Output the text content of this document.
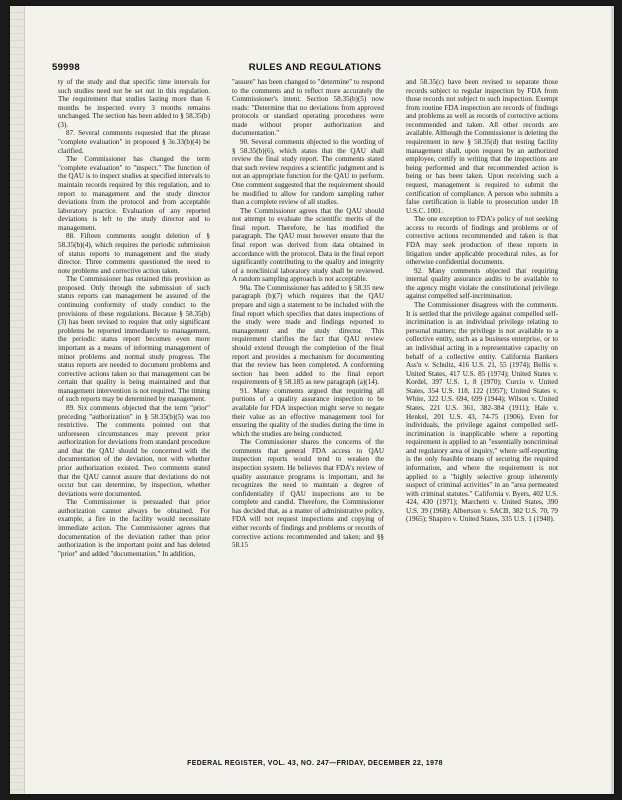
59998	RULES AND REGULATIONS

ty of the study and that specific time intervals for such studies need not be set out in this regulation. The requirement that studies lasting more than 6 months be inspected every 3 months remains unchanged. The section has been added to § 58.35(b)(3).

87. Several comments requested that the phrase "complete evaluation" in proposed § 3e.33(b)(4) be clarified.

The Commissioner has changed the term "complete evaluation" to "inspect." The function of the QAU is to inspect studies at specified intervals to maintain records required by this regulation, and to report to management and the study director deviations from the protocol and from acceptable laboratory practice. Evaluation of any reported deviations is left to the study director and to management.

88. Fifteen comments sought deletion of § 58.35(b)(4), which requires the periodic submission of status reports to management and the study director. Three comments questioned the need to note problems and corrective action taken.

The Commissioner has retained this provision as proposed. Only through the submission of such status reports can management be assured of the continuing conformity of study conduct to the provisions of these regulations. Because § 58.35(b)(3) has been revised to require that only significant problems be reported immediately to management, the periodic status report becomes even more important as a means of informing management of minor problems and normal study progress. The status reports are needed to document problems and corrective actions taken so that management can be certain that quality is being maintained and that management intervention is not required. The timing of such reports may be determined by management.

89. Six comments objected that the term "prior" preceding "authorization" in § 58.35(b)(5) was too restrictive. The comments pointed out that unforeseen circumstances may prevent prior authorization for deviations from standard procedure and that the QAU should be concerned with the documentation of the deviation, not with whether prior authorization existed. Two comments stated that the QAU cannot assure that deviations do not occur but can determine, by inspection, whether deviations were documented.

The Commissioner is persuaded that prior authorization cannot always be obtained. For example, a fire in the facility would necessitate immediate action. The Commissioner agrees that documentation of the deviation rather than prior authorization is the important point and has deleted "prior" and added "documentation." In addition,

"assure" has been changed to "determine" to respond to the comments and to reflect more accurately the Commissioner's intent. Section 58.35(b)(5) now reads: "Determine that no deviations from approved protocols or standard operating procedures were made without proper authorization and documentation."

90. Several comments objected to the wording of § 58.35(b)(6), which states that the QAU shall review the final study report. The comments stated that such review requires a scientific judgment and is not an appropriate function for the QAU to perform. One comment suggested that the requirement should be modified to allow for random sampling rather than a complete review of all studies.

The Commissioner agrees that the QAU should not attempt to evaluate the scientific merits of the final report. Therefore, he has modified the paragraph. The QAU must however ensure that the final report was derived from data obtained in accordance with the protocol. Data in the final report significantly contributing to the quality and integrity of a nonclinical laboratory study shall be reviewed. A random sampling approach is not acceptable.

90a. The Commissioner has added to § 58.35 new paragraph (b)(7) which requires that the QAU prepare and sign a statement to be included with the final report which specifies that dates inspections of the study were made and findings reported to management and the study director. This requirement clarifies the fact that QAU review should extend through the completion of the final report and provides a mechanism for documenting that the review has been completed. A conforming section has been added to the final report requirements of § 58.185 as new paragraph (a)(14).

91. Many comments argued that requiring all portions of a quality assurance inspection to be available for FDA inspection might serve to negate their value as an effective management tool for ensuring the quality of the studies during the time in which the studies are being conducted.

The Commissioner shares the concerns of the comments that general FDA access to QAU inspection reports would tend to weaken the inspection system. He believes that FDA's review of quality assurance programs is important, and he recognizes the need to maintain a degree of confidentiality if QAU inspections are to be complete and candid. Therefore, the Commissioner has decided that, as a matter of administrative policy, FDA will not request inspections and copying of either records of findings and problems or records of corrective actions recommended and taken; and §§ 58.15

and 58.35(c) have been revised to separate those records subject to regular inspection by FDA from those records not subject to such inspection. Exempt from routine FDA inspection are records of findings and problems as well as records of corrective actions recommended and taken. All other records are available. Although the Commissioner is deleting the requirement in new § 58.35(d) that testing facility management shall, upon request by an authorized employee, certify in writing that the inspections are being performed and that recommended action is being or has been taken. Upon receiving such a request, management is required to submit the certification of compliance. A person who submits a false certification is liable to prosecution under 18 U.S.C. 1001.

The one exception to FDA's policy of not seeking access to records of findings and problems or of corrective actions recommended and taken is that FDA may seek production of these reports in litigation under applicable procedural rules, as for otherwise confidential documents.

92. Many comments objected that requiring internal quality assurance audits to be available to the agency might violate the constitutional privilege against compelled self-incrimination.

The Commissioner disagrees with the comments. It is settled that the privilege against compelled self-incrimination is an individual privilege relating to personal matters; the privilege is not available to a collective entity, such as a business enterprise, or to an individual acting in a representative capacity on behalf of a collective entity. California Bankers Ass'n v. Schultz, 416 U.S. 21, 55 (1974); Bellis v. United States, 417 U.S. 85 (1974); United States v. Kordel, 397 U.S. 1, 8 (1970); Curcio v. United States, 354 U.S. 118, 122 (1957); United States v. White, 322 U.S. 694, 699 (1944); Wilson v. United States, 221 U.S. 361, 382-384 (1911); Hale v. Henkel, 201 U.S. 43, 74-75 (1906). Even for individuals, the privilege against compelled self-incrimination is inapplicable where a reporting requirement is applied to an "essentially noncriminal and regulatory area of inquiry," where self-reporting is the only feasible means of securing the required information, and where the requirement is not applied to a "highly selective group inherently suspect of criminal activities" in an "area permeated with criminal statutes." California v. Byers, 402 U.S. 424, 430 (1971); Marchetti v. United States, 390 U.S. 39 (1968); Albertson v. SACB, 382 U.S. 70, 79 (1965); Shapiro v. United States, 335 U.S. 1 (1948).

FEDERAL REGISTER, VOL. 43, NO. 247—FRIDAY, DECEMBER 22, 1978
